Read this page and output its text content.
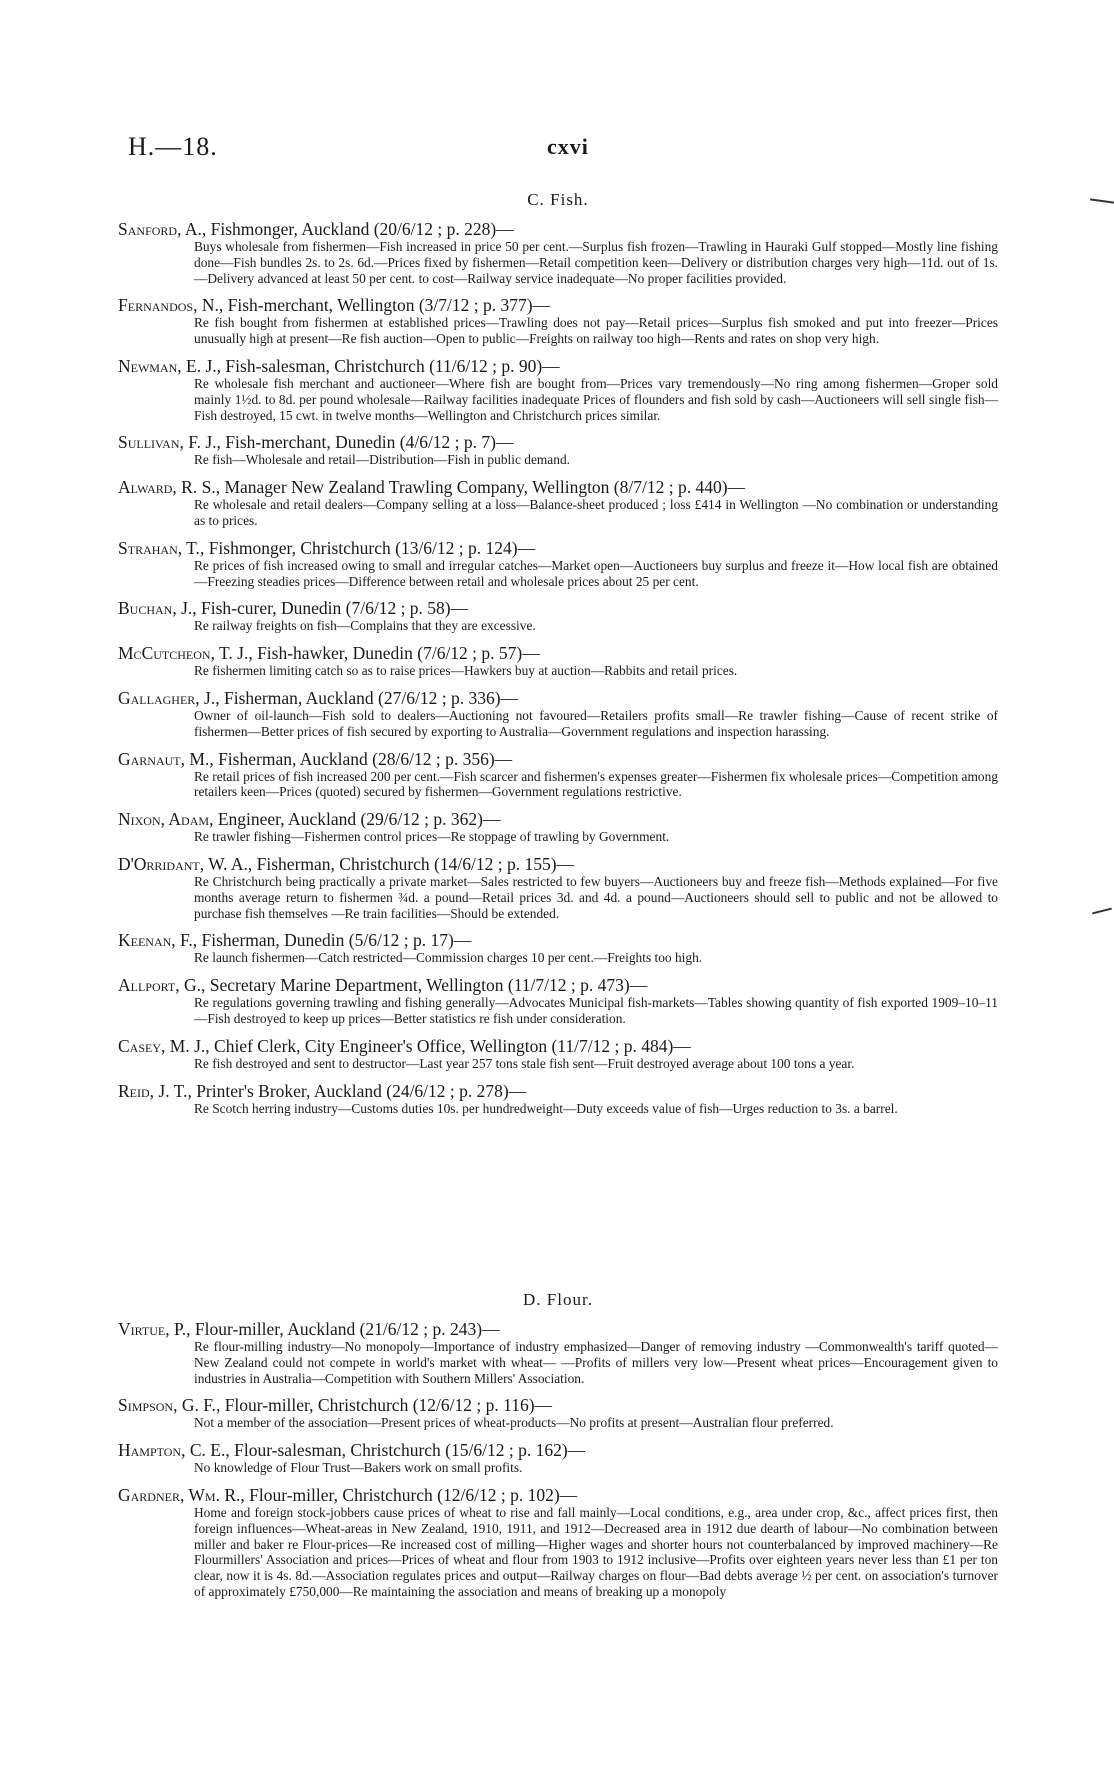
H.—18.	cxvi
C. Fish.

Sanford, A., Fishmonger, Auckland (20/6/12 ; p. 228)—

Buys wholesale from fishermen—Fish increased in price 50 per cent.—Surplus fish frozen—Trawling in Hauraki Gulf stopped—Mostly line fishing done—Fish bundles 2s. to 2s. 6d.—Prices fixed by fishermen—Retail competition keen—Delivery or distribution charges very high—11d. out of 1s.—Delivery advanced at least 50 per cent. to cost—Railway service inadequate—No proper facilities provided.

Fernandos, N., Fish-merchant, Wellington (3/7/12 ; p. 377)—

Re fish bought from fishermen at established prices—Trawling does not pay—Retail prices—Surplus fish smoked and put into freezer—Prices unusually high at present—Re fish auction—Open to public—Freights on railway too high—Rents and rates on shop very high.

Newman, E. J., Fish-salesman, Christchurch (11/6/12 ; p. 90)—

Re wholesale fish merchant and auctioneer—Where fish are bought from—Prices vary tremendously—No ring among fishermen—Groper sold mainly 1½d. to 8d. per pound wholesale—Railway facilities inadequate Prices of flounders and fish sold by cash—Auctioneers will sell single fish—Fish destroyed, 15 cwt. in twelve months—Wellington and Christchurch prices similar.

Sullivan, F. J., Fish-merchant, Dunedin (4/6/12 ; p. 7)—

Re fish—Wholesale and retail—Distribution—Fish in public demand.

Alward, R. S., Manager New Zealand Trawling Company, Wellington (8/7/12 ; p. 440)—

Re wholesale and retail dealers—Company selling at a loss—Balance-sheet produced ; loss £414 in Wellington —No combination or understanding as to prices.

Strahan, T., Fishmonger, Christchurch (13/6/12 ; p. 124)—

Re prices of fish increased owing to small and irregular catches—Market open—Auctioneers buy surplus and freeze it—How local fish are obtained—Freezing steadies prices—Difference between retail and wholesale prices about 25 per cent.

Buchan, J., Fish-curer, Dunedin (7/6/12 ; p. 58)—

Re railway freights on fish—Complains that they are excessive.

McCutcheon, T. J., Fish-hawker, Dunedin (7/6/12 ; p. 57)—

Re fishermen limiting catch so as to raise prices—Hawkers buy at auction—Rabbits and retail prices.

Gallagher, J., Fisherman, Auckland (27/6/12 ; p. 336)—

Owner of oil-launch—Fish sold to dealers—Auctioning not favoured—Retailers profits small—Re trawler fishing—Cause of recent strike of fishermen—Better prices of fish secured by exporting to Australia—Government regulations and inspection harassing.

Garnaut, M., Fisherman, Auckland (28/6/12 ; p. 356)—

Re retail prices of fish increased 200 per cent.—Fish scarcer and fishermen's expenses greater—Fishermen fix wholesale prices—Competition among retailers keen—Prices (quoted) secured by fishermen—Government regulations restrictive.

Nixon, Adam, Engineer, Auckland (29/6/12 ; p. 362)—

Re trawler fishing—Fishermen control prices—Re stoppage of trawling by Government.

D'Orridant, W. A., Fisherman, Christchurch (14/6/12 ; p. 155)—

Re Christchurch being practically a private market—Sales restricted to few buyers—Auctioneers buy and freeze fish—Methods explained—For five months average return to fishermen ¾d. a pound—Retail prices 3d. and 4d. a pound—Auctioneers should sell to public and not be allowed to purchase fish themselves —Re train facilities—Should be extended.

Keenan, F., Fisherman, Dunedin (5/6/12 ; p. 17)—

Re launch fishermen—Catch restricted—Commission charges 10 per cent.—Freights too high.

Allport, G., Secretary Marine Department, Wellington (11/7/12 ; p. 473)—

Re regulations governing trawling and fishing generally—Advocates Municipal fish-markets—Tables showing quantity of fish exported 1909–10–11—Fish destroyed to keep up prices—Better statistics re fish under consideration.

Casey, M. J., Chief Clerk, City Engineer's Office, Wellington (11/7/12 ; p. 484)—

Re fish destroyed and sent to destructor—Last year 257 tons stale fish sent—Fruit destroyed average about 100 tons a year.

Reid, J. T., Printer's Broker, Auckland (24/6/12 ; p. 278)—

Re Scotch herring industry—Customs duties 10s. per hundredweight—Duty exceeds value of fish—Urges reduction to 3s. a barrel.

D. Flour.

Virtue, P., Flour-miller, Auckland (21/6/12 ; p. 243)—

Re flour-milling industry—No monopoly—Importance of industry emphasized—Danger of removing industry —Commonwealth's tariff quoted—New Zealand could not compete in world's market with wheat— —Profits of millers very low—Present wheat prices—Encouragement given to industries in Australia—Competition with Southern Millers' Association.

Simpson, G. F., Flour-miller, Christchurch (12/6/12 ; p. 116)—

Not a member of the association—Present prices of wheat-products—No profits at present—Australian flour preferred.

Hampton, C. E., Flour-salesman, Christchurch (15/6/12 ; p. 162)—

No knowledge of Flour Trust—Bakers work on small profits.

Gardner, Wm. R., Flour-miller, Christchurch (12/6/12 ; p. 102)—

Home and foreign stock-jobbers cause prices of wheat to rise and fall mainly—Local conditions, e.g., area under crop, &c., affect prices first, then foreign influences—Wheat-areas in New Zealand, 1910, 1911, and 1912—Decreased area in 1912 due dearth of labour—No combination between miller and baker re Flour-prices—Re increased cost of milling—Higher wages and shorter hours not counterbalanced by improved machinery—Re Flourmillers' Association and prices—Prices of wheat and flour from 1903 to 1912 inclusive—Profits over eighteen years never less than £1 per ton clear, now it is 4s. 8d.—Association regulates prices and output—Railway charges on flour—Bad debts average ½ per cent. on association's turnover of approximately £750,000—Re maintaining the association and means of breaking up a monopoly
